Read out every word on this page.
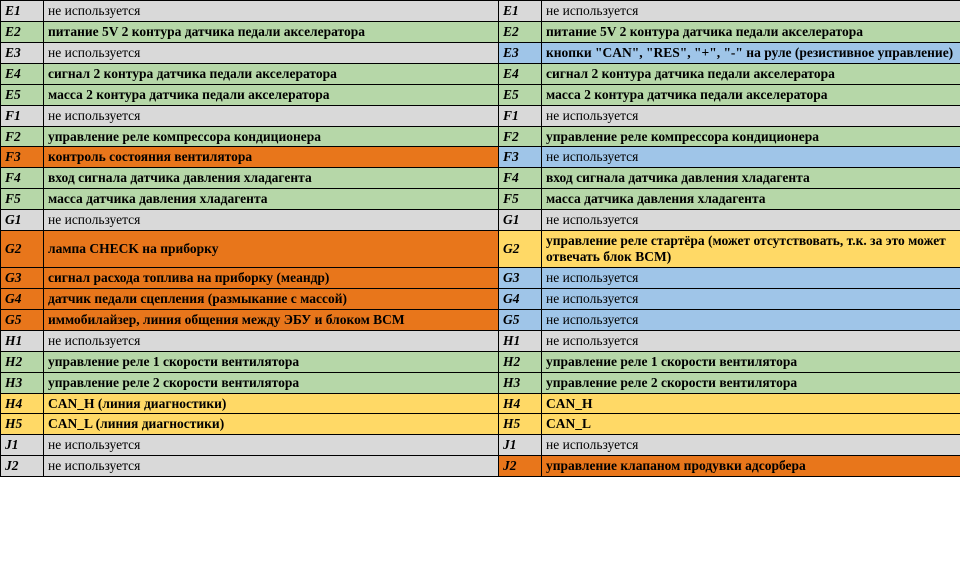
E1	не используется	E1	не используется
E2	питание 5V 2 контура датчика педали акселератора	E2	питание 5V 2 контура датчика педали акселератора
E3	не используется	E3	кнопки "CAN", "RES", "+", "-" на руле (резистивное управление)
E4	сигнал 2 контура датчика педали акселератора	E4	сигнал 2 контура датчика педали акселератора
E5	масса 2 контура датчика педали акселератора	E5	масса 2 контура датчика педали акселератора
F1	не используется	F1	не используется
F2	управление реле компрессора кондиционера	F2	управление реле компрессора кондиционера
F3	контроль состояния вентилятора	F3	не используется
F4	вход сигнала датчика давления хладагента	F4	вход сигнала датчика давления хладагента
F5	масса датчика давления хладагента	F5	масса датчика давления хладагента
G1	не используется	G1	не используется
G2	лампа CHECK на приборку	G2	управление реле стартёра (может отсутствовать, т.к. за это может отвечать блок BCM)
G3	сигнал расхода топлива на приборку (меандр)	G3	не используется
G4	датчик педали сцепления (размыкание с массой)	G4	не используется
G5	иммобилайзер, линия общения между ЭБУ и блоком BCM	G5	не используется
H1	не используется	H1	не используется
H2	управление реле 1 скорости вентилятора	H2	управление реле 1 скорости вентилятора
H3	управление реле 2 скорости вентилятора	H3	управление реле 2 скорости вентилятора
H4	CAN_H (линия диагностики)	H4	CAN_H
H5	CAN_L (линия диагностики)	H5	CAN_L
J1	не используется	J1	не используется
J2	не используется	J2	управление клапаном продувки адсорбера
